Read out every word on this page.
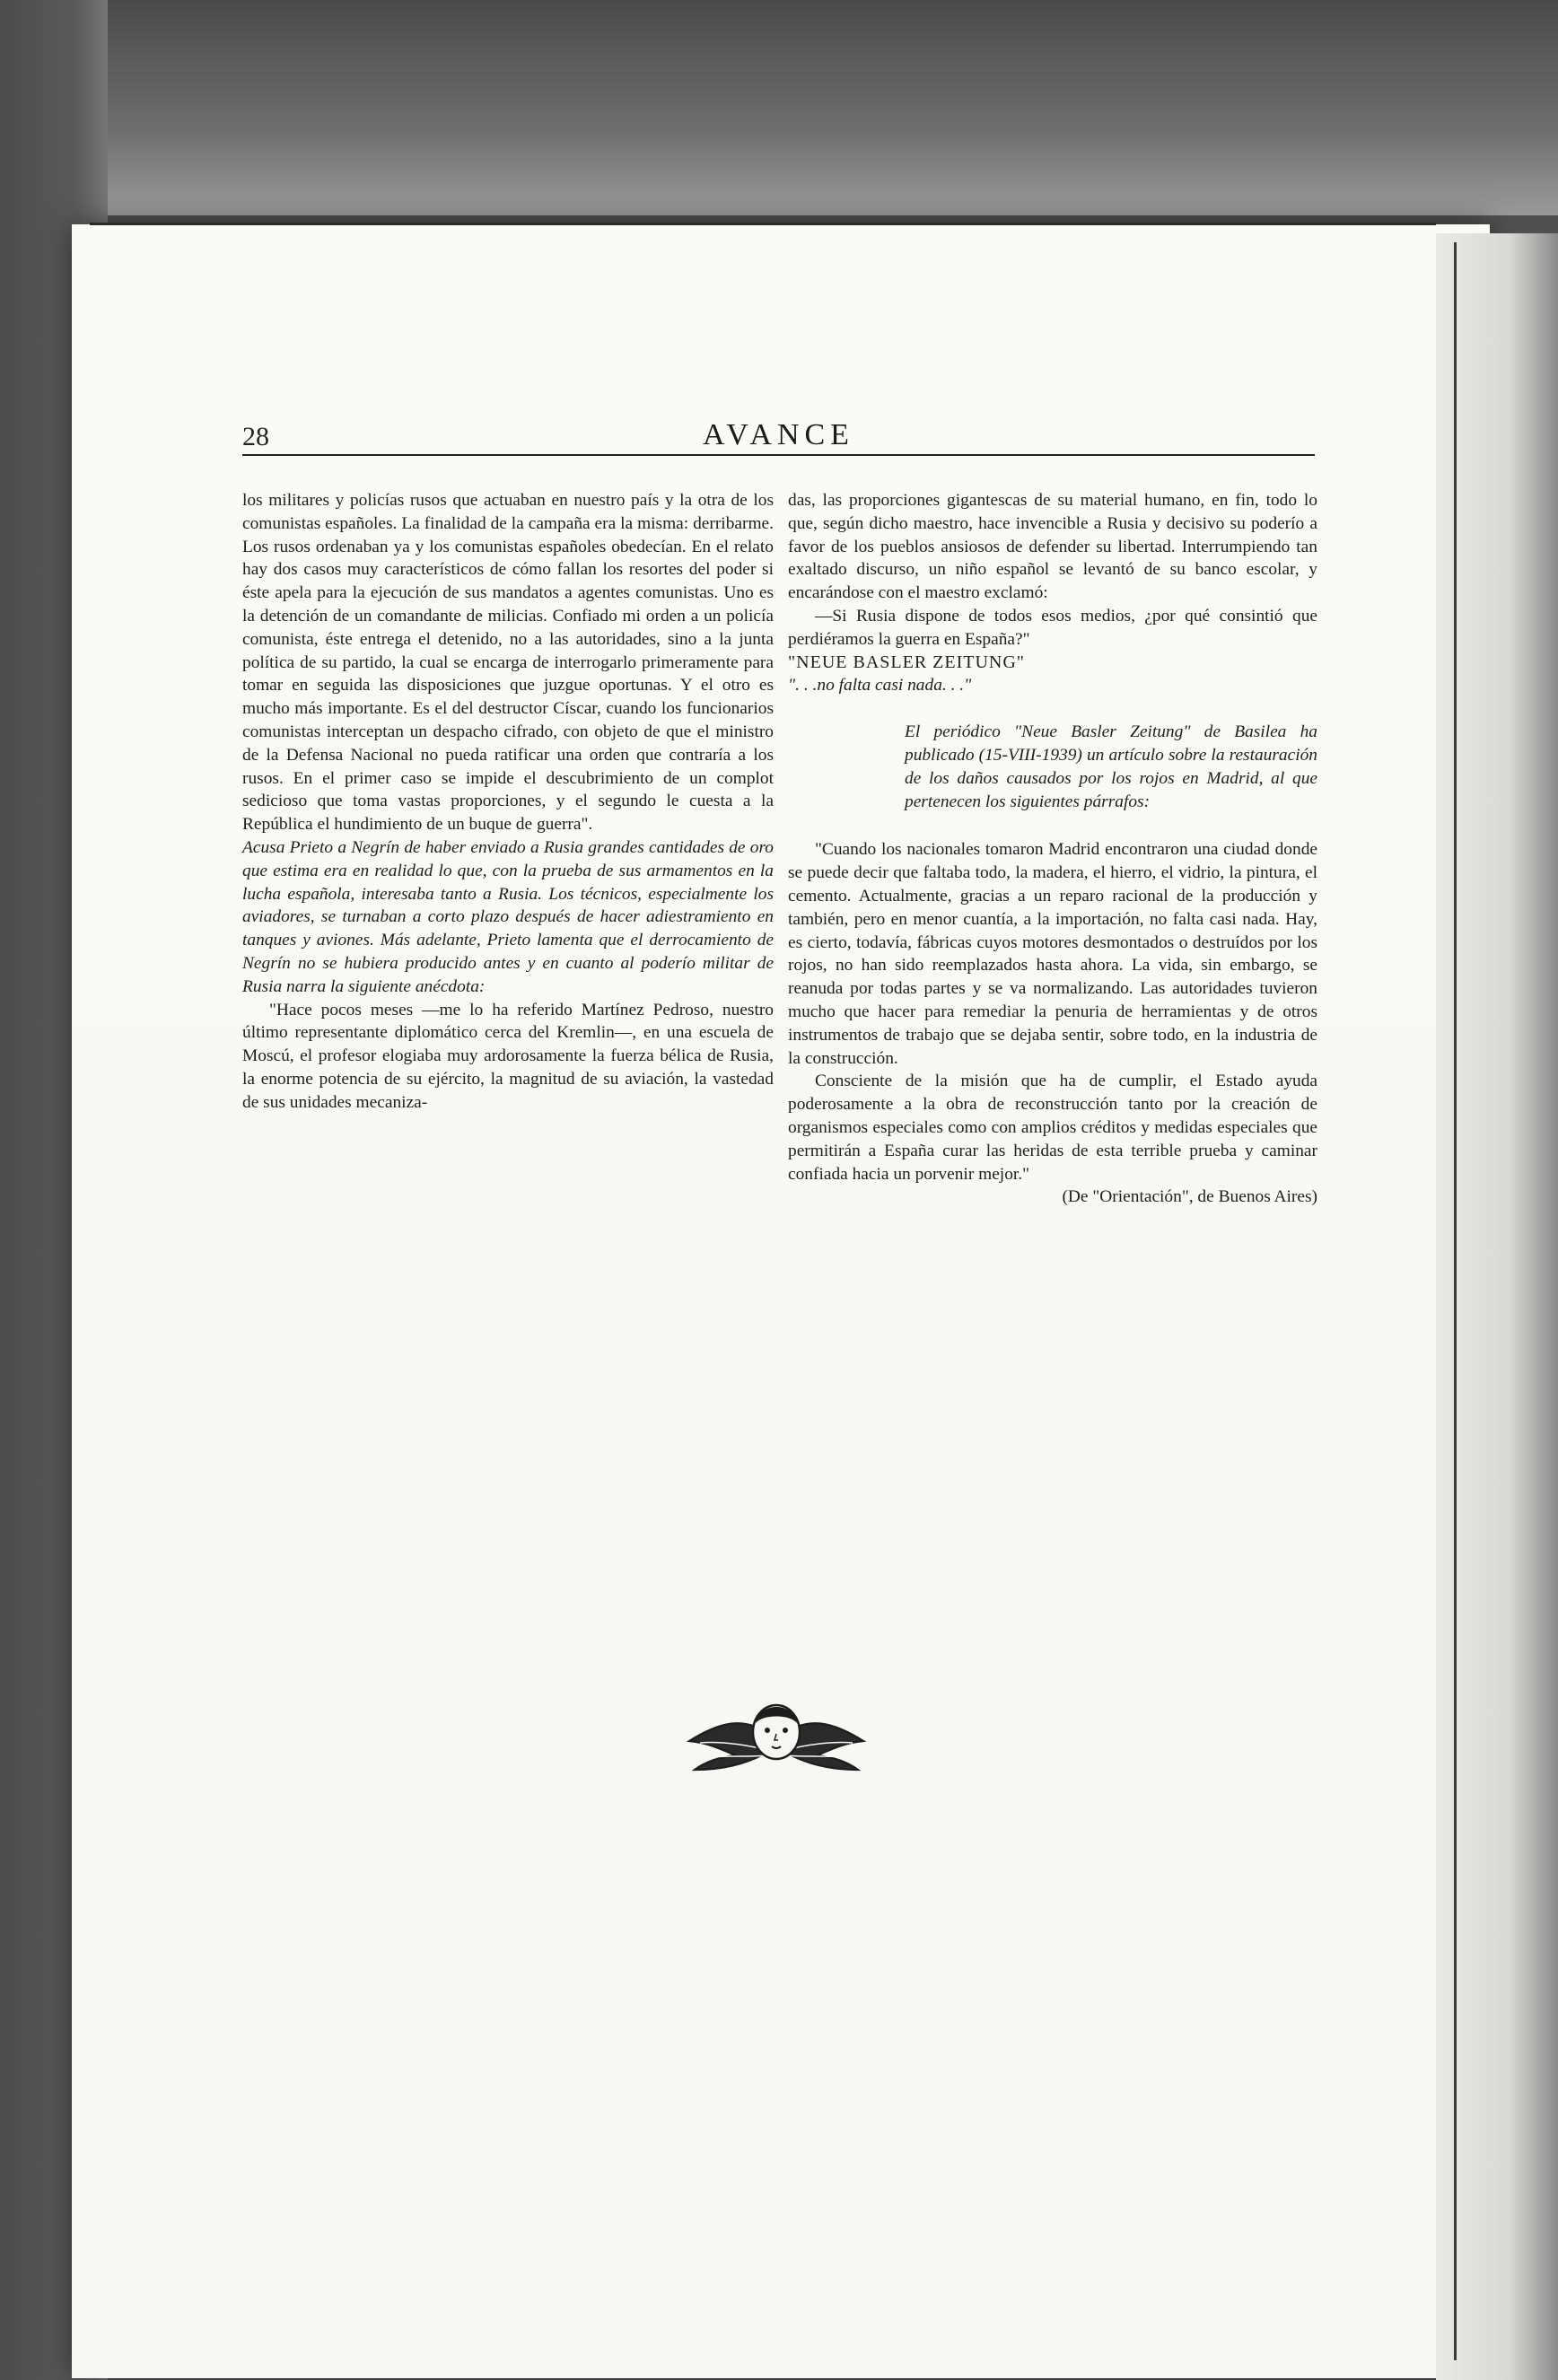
28	AVANCE

los militares y policías rusos que actuaban en nuestro país y la otra de los comunistas españoles. La finalidad de la campaña era la misma: derribarme. Los rusos ordenaban ya y los comunistas españoles obedecían. En el relato hay dos casos muy característicos de cómo fallan los resortes del poder si éste apela para la ejecución de sus mandatos a agentes comunistas. Uno es la detención de un comandante de milicias. Confiado mi orden a un policía comunista, éste entrega el detenido, no a las autoridades, sino a la junta política de su partido, la cual se encarga de interrogarlo primeramente para tomar en seguida las disposiciones que juzgue oportunas. Y el otro es mucho más importante. Es el del destructor Císcar, cuando los funcionarios comunistas interceptan un despacho cifrado, con objeto de que el ministro de la Defensa Nacional no pueda ratificar una orden que contraría a los rusos. En el primer caso se impide el descubrimiento de un complot sedicioso que toma vastas proporciones, y el segundo le cuesta a la República el hundimiento de un buque de guerra".

Acusa Prieto a Negrín de haber enviado a Rusia grandes cantidades de oro que estima era en realidad lo que, con la prueba de sus armamentos en la lucha española, interesaba tanto a Rusia. Los técnicos, especialmente los aviadores, se turnaban a corto plazo después de hacer adiestramiento en tanques y aviones. Más adelante, Prieto lamenta que el derrocamiento de Negrín no se hubiera producido antes y en cuanto al poderío militar de Rusia narra la siguiente anécdota:

"Hace pocos meses —me lo ha referido Martínez Pedroso, nuestro último representante diplomático cerca del Kremlin—, en una escuela de Moscú, el profesor elogiaba muy ardorosamente la fuerza bélica de Rusia, la enorme potencia de su ejército, la magnitud de su aviación, la vastedad de sus unidades mecaniza-

das, las proporciones gigantescas de su material humano, en fin, todo lo que, según dicho maestro, hace invencible a Rusia y decisivo su poderío a favor de los pueblos ansiosos de defender su libertad. Interrumpiendo tan exaltado discurso, un niño español se levantó de su banco escolar, y encarándose con el maestro exclamó:

—Si Rusia dispone de todos esos medios, ¿por qué consintió que perdiéramos la guerra en España?"

"NEUE BASLER ZEITUNG"

". . .no falta casi nada. . ."

El periódico "Neue Basler Zeitung" de Basilea ha publicado (15-VIII-1939) un artículo sobre la restauración de los daños causados por los rojos en Madrid, al que pertenecen los siguientes párrafos:

"Cuando los nacionales tomaron Madrid encontraron una ciudad donde se puede decir que faltaba todo, la madera, el hierro, el vidrio, la pintura, el cemento. Actualmente, gracias a un reparo racional de la producción y también, pero en menor cuantía, a la importación, no falta casi nada. Hay, es cierto, todavía, fábricas cuyos motores desmontados o destruídos por los rojos, no han sido reemplazados hasta ahora. La vida, sin embargo, se reanuda por todas partes y se va normalizando. Las autoridades tuvieron mucho que hacer para remediar la penuria de herramientas y de otros instrumentos de trabajo que se dejaba sentir, sobre todo, en la industria de la construcción.

Consciente de la misión que ha de cumplir, el Estado ayuda poderosamente a la obra de reconstrucción tanto por la creación de organismos especiales como con amplios créditos y medidas especiales que permitirán a España curar las heridas de esta terrible prueba y caminar confiada hacia un porvenir mejor."

(De "Orientación", de Buenos Aires)
